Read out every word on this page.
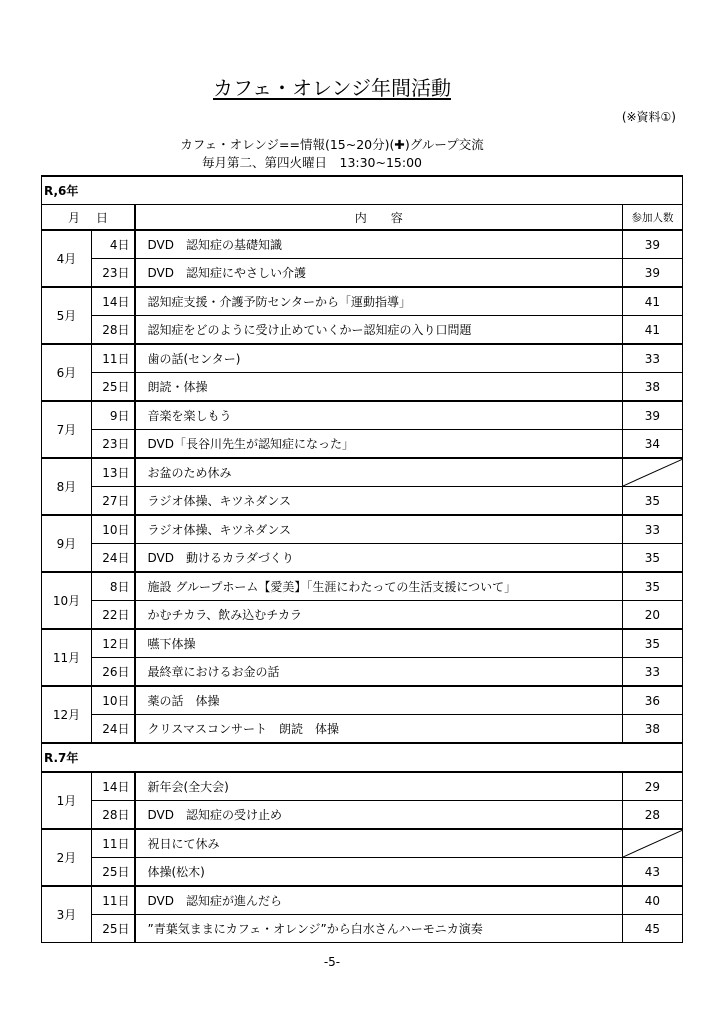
カフェ・オレンジ年間活動
(※資料①)
カフェ・オレンジ==情報(15~20分)(✚)グループ交流
毎月第二、第四火曜日　13:30~15:00
R,6年			
月　日		内　　容	参加人数
4月	4日	DVD　認知症の基礎知識	39
	23日	DVD　認知症にやさしい介護	39
5月	14日	認知症支援・介護予防センターから「運動指導」	41
	28日	認知症をどのように受け止めていくかー認知症の入り口問題	41
6月	11日	歯の話(センター)	33
	25日	朗読・体操	38
7月	9日	音楽を楽しもう	39
	23日	DVD「長谷川先生が認知症になった」	34
8月	13日	お盆のため休み	

	27日	ラジオ体操、キツネダンス	35
9月	10日	ラジオ体操、キツネダンス	33
	24日	DVD　動けるカラダづくり	35
10月	8日	施設 グループホーム【愛美】「生涯にわたっての生活支援について」	35
	22日	かむチカラ、飲み込むチカラ	20
11月	12日	嚥下体操	35
	26日	最終章におけるお金の話	33
12月	10日	薬の話　体操	36
	24日	クリスマスコンサート　朗読　体操	38
R.7年			
1月	14日	新年会(全大会)	29
	28日	DVD　認知症の受け止め	28
2月	11日	祝日にて休み	

	25日	体操(松木)	43
3月	11日	DVD　認知症が進んだら	40
	25日	”青葉気ままにカフェ・オレンジ”から白水さんハーモニカ演奏	45
-5-
